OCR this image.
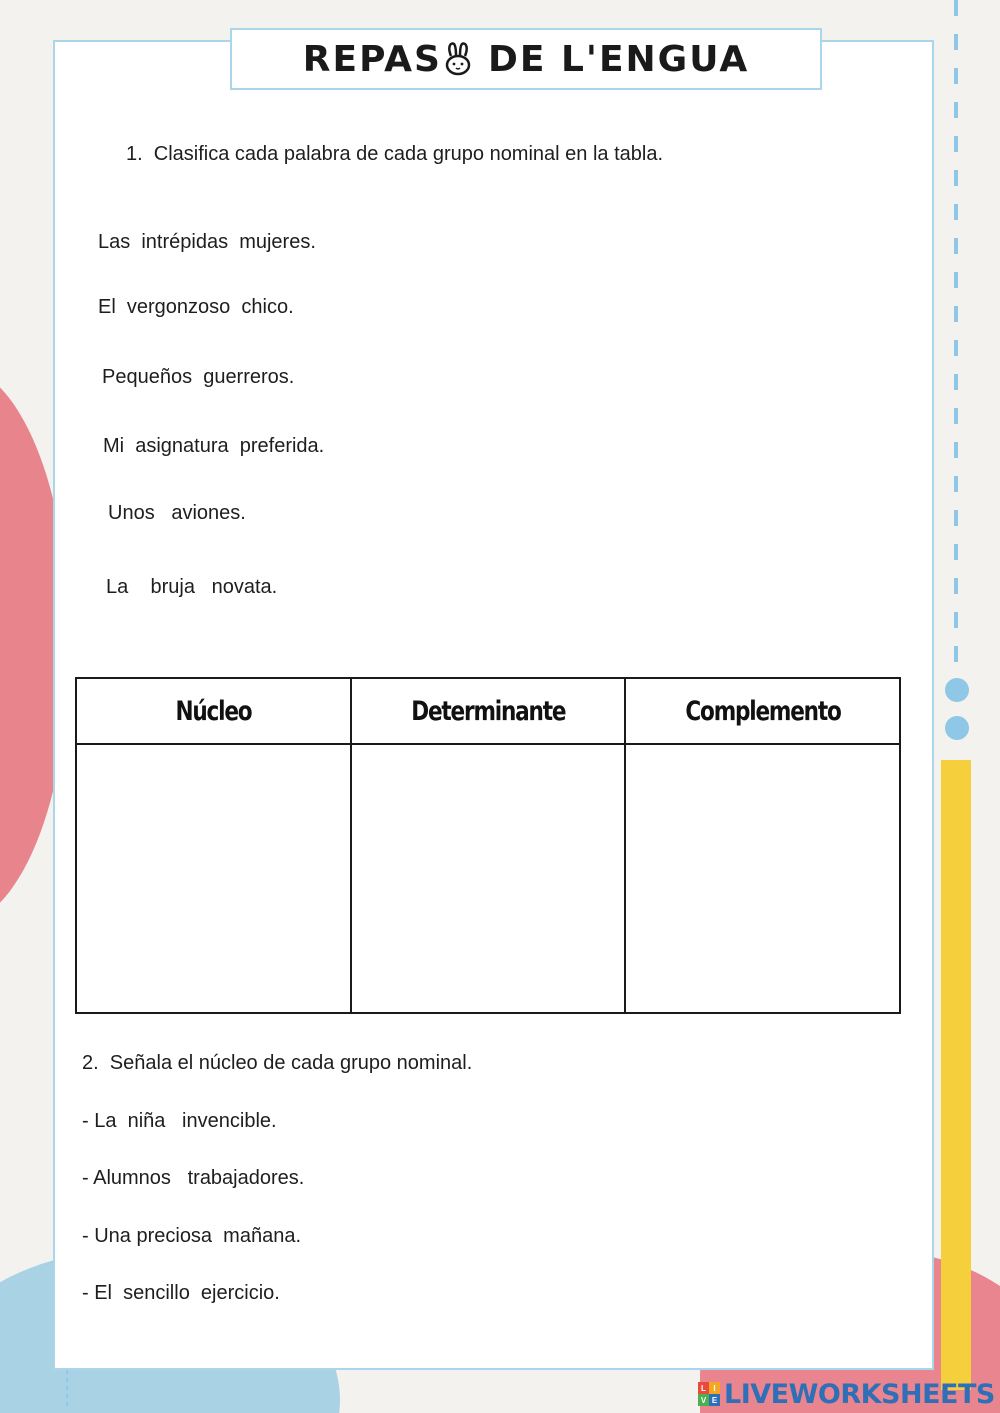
REPAS DE L'ENGUA
1.  Clasifica cada palabra de cada grupo nominal en la tabla.
Las  intrépidas  mujeres.
El  vergonzoso  chico.
Pequeños  guerreros.
Mi  asignatura  preferida.
Unos   aviones.
La    bruja   novata.
Núcleo	Determinante	Complemento

2.  Señala el núcleo de cada grupo nominal.
- La  niña   invencible.
- Alumnos   trabajadores.
- Una preciosa  mañana.
- El  sencillo  ejercicio.
L I
V E LIVEWORKSHEETS
